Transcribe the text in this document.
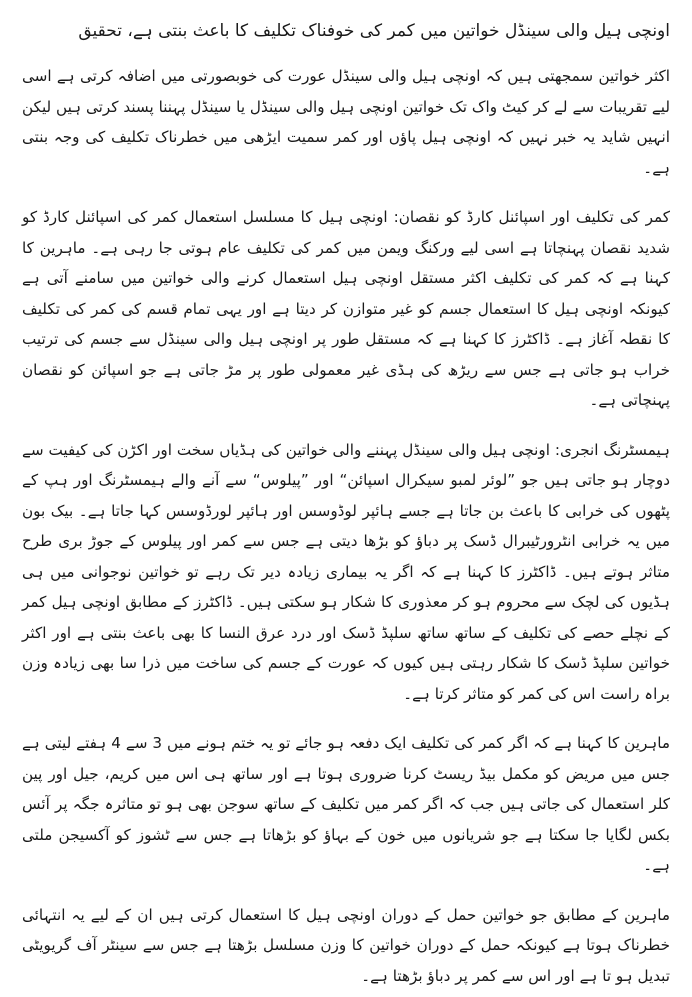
اونچی ہیل والی سینڈل خواتین میں کمر کی خوفناک تکلیف کا باعث بنتی ہے، تحقیق

اکثر خواتین سمجھتی ہیں کہ اونچی ہیل والی سینڈل عورت کی خوبصورتی میں اضافہ کرتی ہے اسی لیے تقریبات سے لے کر کیٹ واک تک خواتین اونچی ہیل والی سینڈل یا سینڈل پہننا پسند کرتی ہیں لیکن انہیں شاید یہ خبر نہیں کہ اونچی ہیل پاؤں اور کمر سمیت ایڑھی میں خطرناک تکلیف کی وجہ بنتی ہے۔

کمر کی تکلیف اور اسپائنل کارڈ کو نقصان: اونچی ہیل کا مسلسل استعمال کمر کی اسپائنل کارڈ کو شدید نقصان پہنچاتا ہے اسی لیے ورکنگ ویمن میں کمر کی تکلیف عام ہوتی جا رہی ہے۔ ماہرین کا کہنا ہے کہ کمر کی تکلیف اکثر مستقل اونچی ہیل استعمال کرنے والی خواتین میں سامنے آتی ہے کیونکہ اونچی ہیل کا استعمال جسم کو غیر متوازن کر دیتا ہے اور یہی تمام قسم کی کمر کی تکلیف کا نقطہ آغاز ہے۔ ڈاکٹرز کا کہنا ہے کہ مستقل طور پر اونچی ہیل والی سینڈل سے جسم کی ترتیب خراب ہو جاتی ہے جس سے ریڑھ کی ہڈی غیر معمولی طور پر مڑ جاتی ہے جو اسپائن کو نقصان پہنچاتی ہے۔

ہیمسٹرنگ انجری: اونچی ہیل والی سینڈل پہننے والی خواتین کی ہڈیاں سخت اور اکڑن کی کیفیت سے دوچار ہو جاتی ہیں جو ”لوئر لمبو سیکرال اسپائن“ اور ”پیلوس“ سے آنے والے ہیمسٹرنگ اور ہپ کے پٹھوں کی خرابی کا باعث بن جاتا ہے جسے ہائپر لوڈوسس اور ہائپر لورڈوسس کہا جاتا ہے۔ بیک بون میں یہ خرابی انٹرورٹیبرال ڈسک پر دباؤ کو بڑھا دیتی ہے جس سے کمر اور پیلوس کے جوڑ بری طرح متاثر ہوتے ہیں۔ ڈاکٹرز کا کہنا ہے کہ اگر یہ بیماری زیادہ دیر تک رہے تو خواتین نوجوانی میں ہی ہڈیوں کی لچک سے محروم ہو کر معذوری کا شکار ہو سکتی ہیں۔ ڈاکٹرز کے مطابق اونچی ہیل کمر کے نچلے حصے کی تکلیف کے ساتھ ساتھ سلپڈ ڈسک اور درد عرق النسا کا بھی باعث بنتی ہے اور اکثر خواتین سلپڈ ڈسک کا شکار رہتی ہیں کیوں کہ عورت کے جسم کی ساخت میں ذرا سا بھی زیادہ وزن براہ راست اس کی کمر کو متاثر کرتا ہے۔

ماہرین کا کہنا ہے کہ اگر کمر کی تکلیف ایک دفعہ ہو جائے تو یہ ختم ہونے میں 3 سے 4 ہفتے لیتی ہے جس میں مریض کو مکمل بیڈ ریسٹ کرنا ضروری ہوتا ہے اور ساتھ ہی اس میں کریم، جیل اور پین کلر استعمال کی جاتی ہیں جب کہ اگر کمر میں تکلیف کے ساتھ سوجن بھی ہو تو متاثرہ جگہ پر آئس بکس لگایا جا سکتا ہے جو شریانوں میں خون کے بہاؤ کو بڑھاتا ہے جس سے ٹشوز کو آکسیجن ملتی ہے۔

ماہرین کے مطابق جو خواتین حمل کے دوران اونچی ہیل کا استعمال کرتی ہیں ان کے لیے یہ انتہائی خطرناک ہوتا ہے کیونکہ حمل کے دوران خواتین کا وزن مسلسل بڑھتا ہے جس سے سینٹر آف گریویٹی تبدیل ہو تا ہے اور اس سے کمر پر دباؤ بڑھتا ہے۔
